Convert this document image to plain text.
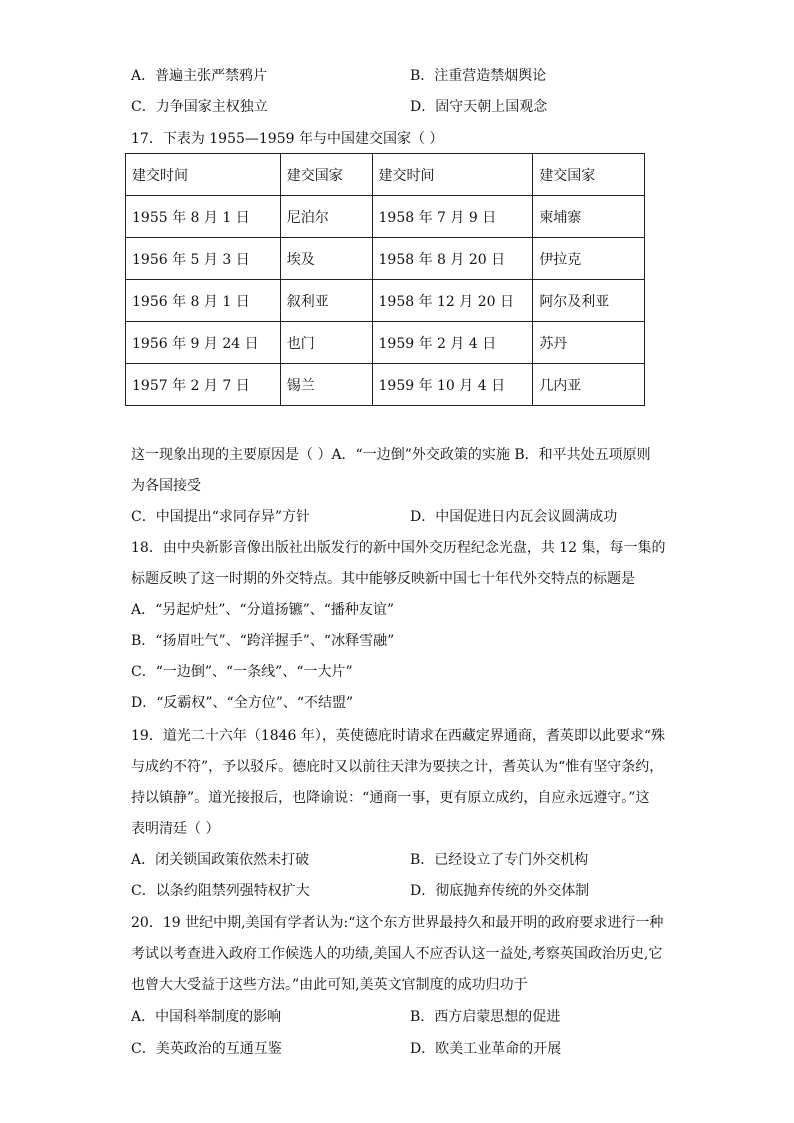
A．普遍主张严禁鸦片	B．注重营造禁烟舆论
C．力争国家主权独立	D．固守天朝上国观念
17．下表为 1955—1959 年与中国建交国家（ ）
建交时间	建交国家	建交时间	建交国家
1955 年 8 月 1 日	尼泊尔	1958 年 7 月 9 日	柬埔寨
1956 年 5 月 3 日	埃及	1958 年 8 月 20 日	伊拉克
1956 年 8 月 1 日	叙利亚	1958 年 12 月 20 日	阿尔及利亚
1956 年 9 月 24 日	也门	1959 年 2 月 4 日	苏丹
1957 年 2 月 7 日	锡兰	1959 年 10 月 4 日	几内亚
这一现象出现的主要原因是（ ）A．“一边倒”外交政策的实施 B．和平共处五项原则
为各国接受
C．中国提出“求同存异”方针	D．中国促进日内瓦会议圆满成功
18．由中央新影音像出版社出版发行的新中国外交历程纪念光盘，共 12 集，每一集的
标题反映了这一时期的外交特点。其中能够反映新中国七十年代外交特点的标题是
A．“另起炉灶”、“分道扬镳”、“播种友谊”
B．“扬眉吐气”、“跨洋握手”、“冰释雪融”
C．“一边倒”、“一条线”、“一大片”
D．“反霸权”、“全方位”、“不结盟”
19．道光二十六年（1846 年），英使德庇时请求在西藏定界通商，耆英即以此要求“殊
与成约不符”，予以驳斥。德庇时又以前往天津为要挟之计，耆英认为“惟有坚守条约，
持以镇静”。道光接报后，也降谕说：“通商一事，更有原立成约，自应永远遵守。”这
表明清廷（ ）
A．闭关锁国政策依然未打破	B．已经设立了专门外交机构
C．以条约阻禁列强特权扩大	D．彻底抛弃传统的外交体制
20．19 世纪中期,美国有学者认为:“这个东方世界最持久和最开明的政府要求进行一种
考试以考查进入政府工作候选人的功绩,美国人不应否认这一益处,考察英国政治历史,它
也曾大大受益于这些方法。”由此可知,美英文官制度的成功归功于
A．中国科举制度的影响	B．西方启蒙思想的促进
C．美英政治的互通互鉴	D．欧美工业革命的开展
